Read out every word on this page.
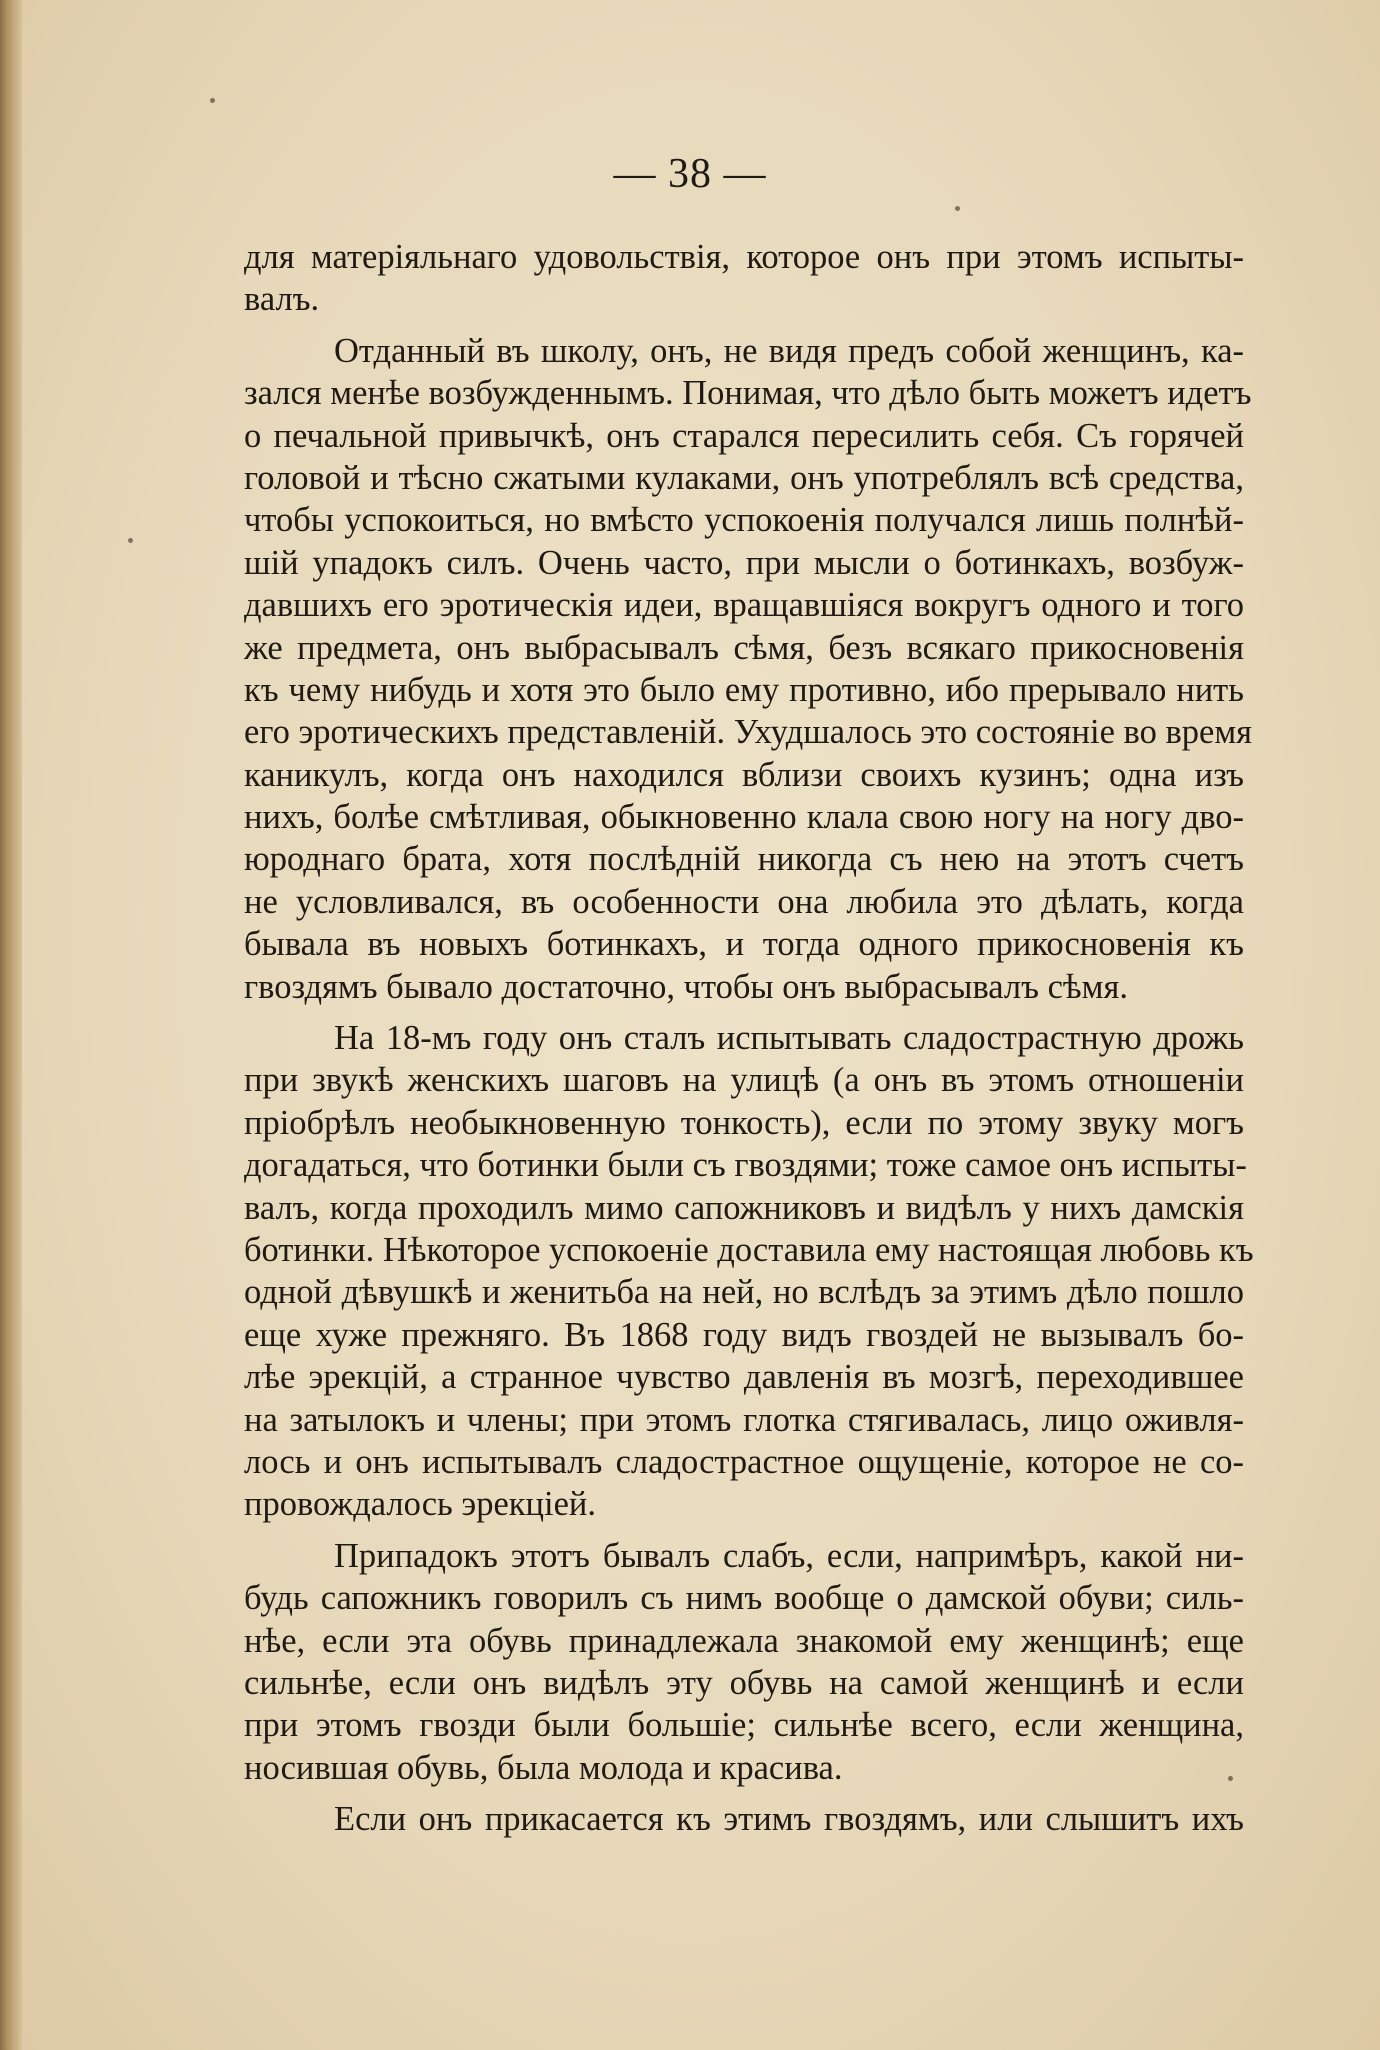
— 38 —
для матеріяльнаго удовольствія, которое онъ при этомъ испыты-
валъ.
Отданный въ школу, онъ, не видя предъ собой женщинъ, ка-
зался менѣе возбужденнымъ. Понимая, что дѣло быть можетъ идетъ
о печальной привычкѣ, онъ старался пересилить себя. Съ горячей
головой и тѣсно сжатыми кулаками, онъ употреблялъ всѣ средства,
чтобы успокоиться, но вмѣсто успокоенія получался лишь полнѣй-
шій упадокъ силъ. Очень часто, при мысли о ботинкахъ, возбуж-
давшихъ его эротическія идеи, вращавшіяся вокругъ одного и того
же предмета, онъ выбрасывалъ сѣмя, безъ всякаго прикосновенія
къ чему нибудь и хотя это было ему противно, ибо прерывало нить
его эротическихъ представленій. Ухудшалось это состояніе во время
каникулъ, когда онъ находился вблизи своихъ кузинъ; одна изъ
нихъ, болѣе смѣтливая, обыкновенно клала свою ногу на ногу дво-
юроднаго брата, хотя послѣдній никогда съ нею на этотъ счетъ
не условливался, въ особенности она любила это дѣлать, когда
бывала въ новыхъ ботинкахъ, и тогда одного прикосновенія къ
гвоздямъ бывало достаточно, чтобы онъ выбрасывалъ сѣмя.
На 18-мъ году онъ сталъ испытывать сладострастную дрожь
при звукѣ женскихъ шаговъ на улицѣ (а онъ въ этомъ отношеніи
пріобрѣлъ необыкновенную тонкость), если по этому звуку могъ
догадаться, что ботинки были съ гвоздями; тоже самое онъ испыты-
валъ, когда проходилъ мимо сапожниковъ и видѣлъ у нихъ дамскія
ботинки. Нѣкоторое успокоеніе доставила ему настоящая любовь къ
одной дѣвушкѣ и женитьба на ней, но вслѣдъ за этимъ дѣло пошло
еще хуже прежняго. Въ 1868 году видъ гвоздей не вызывалъ бо-
лѣе эрекцій, а странное чувство давленія въ мозгѣ, переходившее
на затылокъ и члены; при этомъ глотка стягивалась, лицо оживля-
лось и онъ испытывалъ сладострастное ощущеніе, которое не со-
провождалось эрекціей.
Припадокъ этотъ бывалъ слабъ, если, напримѣръ, какой ни-
будь сапожникъ говорилъ съ нимъ вообще о дамской обуви; силь-
нѣе, если эта обувь принадлежала знакомой ему женщинѣ; еще
сильнѣе, если онъ видѣлъ эту обувь на самой женщинѣ и если
при этомъ гвозди были большіе; сильнѣе всего, если женщина,
носившая обувь, была молода и красива.
Если онъ прикасается къ этимъ гвоздямъ, или слышитъ ихъ
